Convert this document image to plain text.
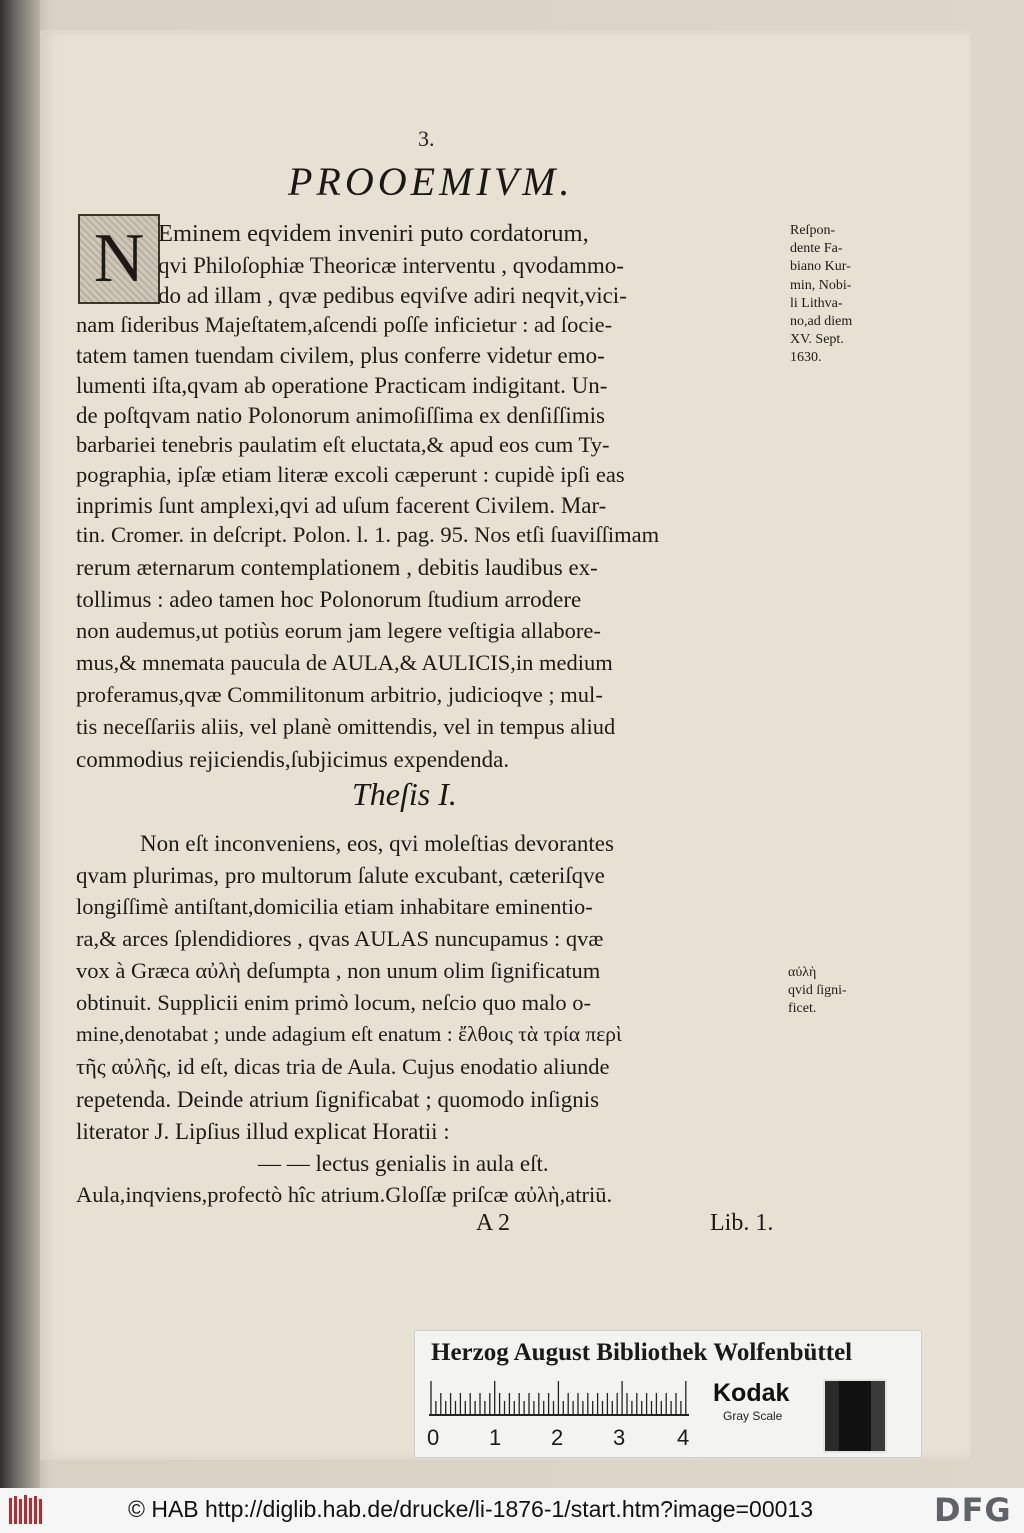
3.
PROOEMIVM.
N Eminem eqvidem inveniri puto cordatorum,
qvi Philoſophiæ Theoricæ interventu , qvodammo-
do ad illam , qvæ pedibus eqviſve adiri neqvit,vici-
nam ſideribus Majeſtatem,aſcendi poſſe inficietur : ad ſocie-
tatem tamen tuendam civilem, plus conferre videtur emo-
lumenti iſta,qvam ab operatione Practicam indigitant. Un-
de poſtqvam natio Polonorum animoſiſſima ex denſiſſimis
barbariei tenebris paulatim eſt eluctata,& apud eos cum Ty-
pographia, ipſæ etiam literæ excoli cæperunt : cupidè ipſi eas
inprimis ſunt amplexi,qvi ad uſum facerent Civilem. Mar-
tin. Cromer. in deſcript. Polon. l. 1. pag. 95. Nos etſi ſuaviſſimam
rerum æternarum contemplationem , debitis laudibus ex-
tollimus : adeo tamen hoc Polonorum ſtudium arrodere
non audemus,ut potiùs eorum jam legere veſtigia allabore-
mus,& mnemata paucula de AULA,& AULICIS,in medium
proferamus,qvæ Commilitonum arbitrio, judicioqve ; mul-
tis neceſſariis aliis, vel planè omittendis, vel in tempus aliud
commodius rejiciendis,ſubjicimus expendenda.
Theſis I.
Non eſt inconveniens, eos, qvi moleſtias devorantes
qvam plurimas, pro multorum ſalute excubant, cæteriſqve
longiſſimè antiſtant,domicilia etiam inhabitare eminentio-
ra,& arces ſplendidiores , qvas AULAS nuncupamus : qvæ
vox à Græca αὐλὴ deſumpta , non unum olim ſignificatum
obtinuit. Supplicii enim primò locum, neſcio quo malo o-
mine,denotabat ; unde adagium eſt enatum : ἔλθοις τὰ τρία περὶ
τῆς αὐλῆς, id eſt, dicas tria de Aula. Cujus enodatio aliunde
repetenda. Deinde atrium ſignificabat ; quomodo inſignis
literator J. Lipſius illud explicat Horatii :
— — lectus genialis in aula eſt.
Aula,inqviens,profectò hîc atrium.Gloſſæ priſcæ αὐλὴ,atriū.
A 2	Lib. 1.
Reſpon-
dente Fa-
biano Kur-
min, Nobi-
li Lithva-
no,ad diem
XV. Sept.
1630.
αὐλὴ
qvid ſigni-
ficet.
Herzog August Bibliothek Wolfenbüttel
0 1 2 3 4
Kodak
Gray Scale
© HAB http://diglib.hab.de/drucke/li-1876-1/start.htm?image=00013	DFG
